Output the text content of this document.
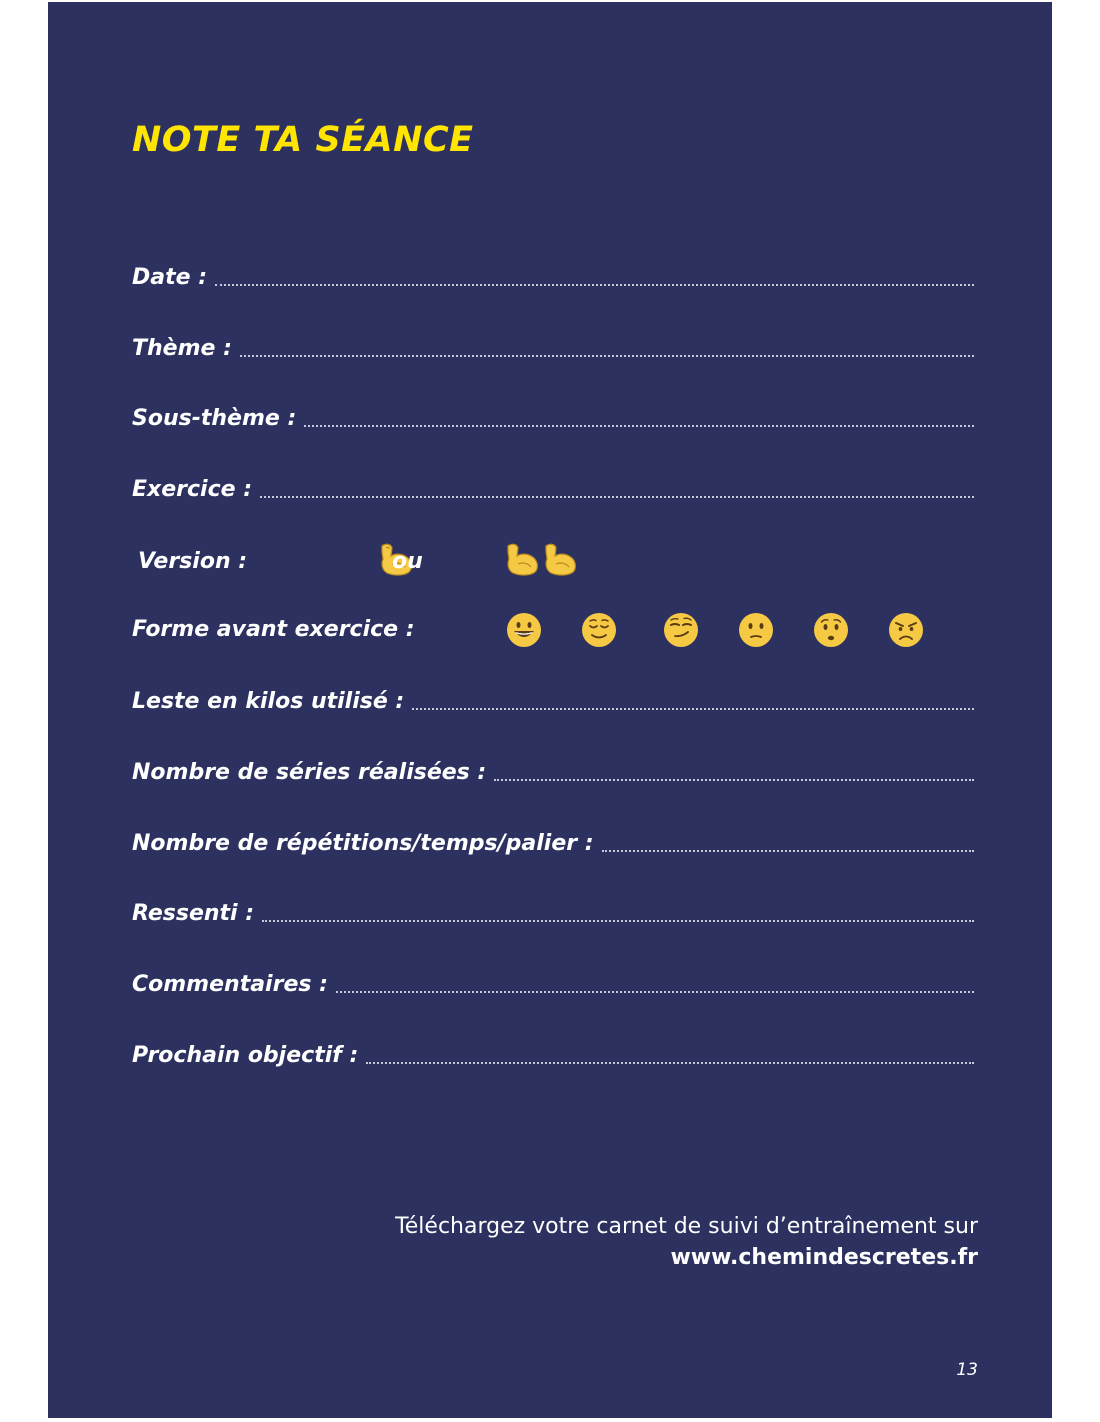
NOTE TA SÉANCE
Date :
Thème :
Sous-thème :
Exercice :
Version :	ou
Forme avant exercice :
Leste en kilos utilisé :
Nombre de séries réalisées :
Nombre de répétitions/temps/palier :
Ressenti :
Commentaires :
Prochain objectif :
Téléchargez votre carnet de suivi d’entraînement sur
www.chemindescretes.fr
13
